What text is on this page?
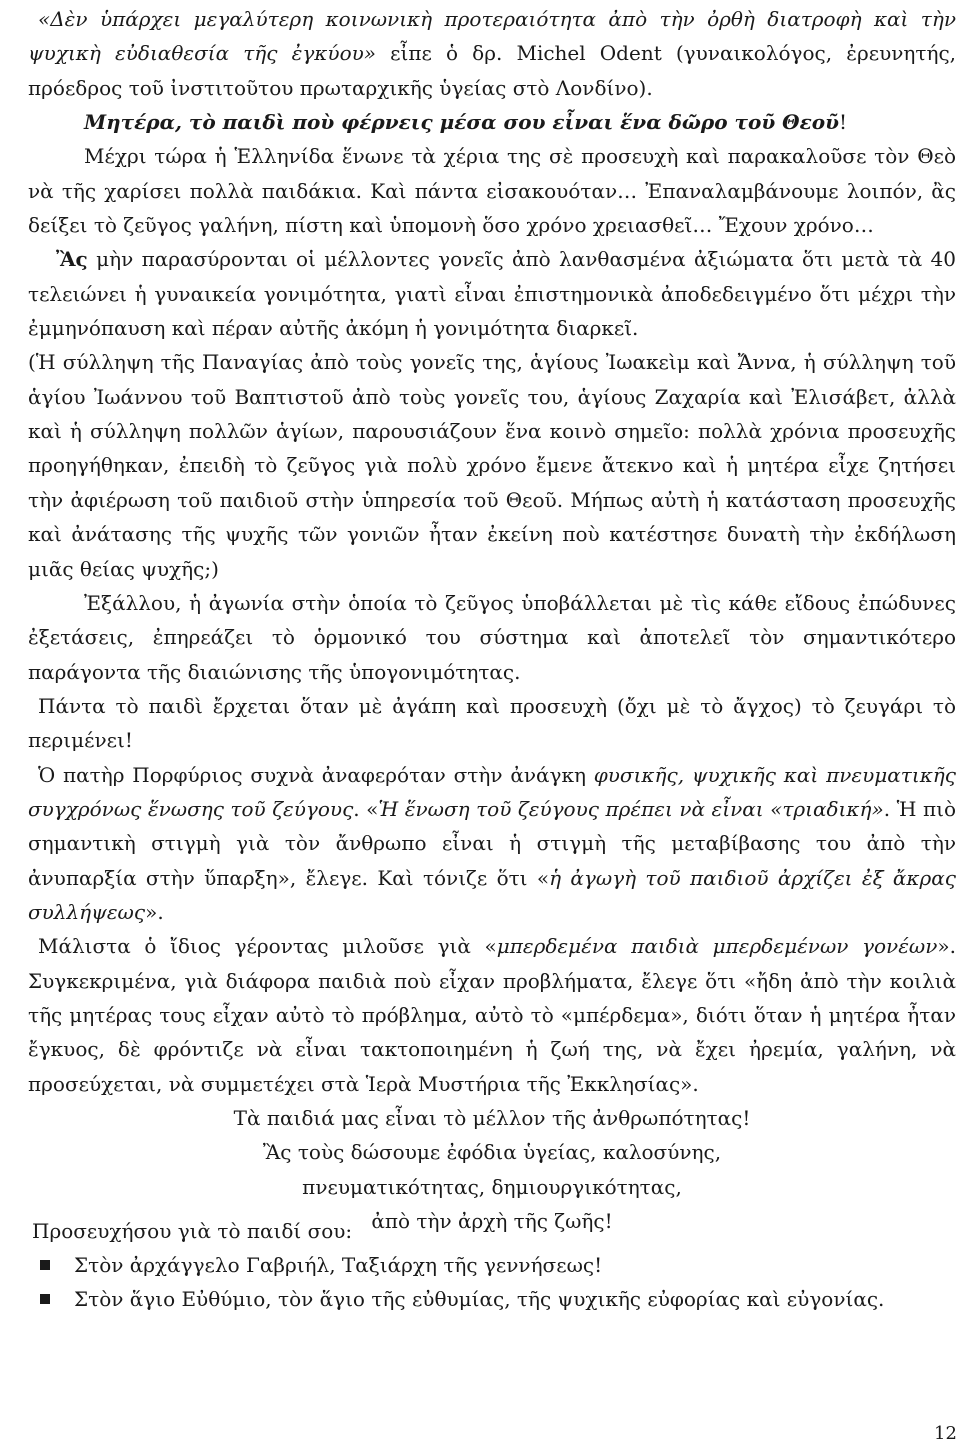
«Δὲν ὑπάρχει μεγαλύτερη κοινωνικὴ προτεραιότητα ἀπὸ τὴν ὀρθὴ διατροφὴ καὶ τὴν ψυχικὴ εὐδιαθεσία τῆς ἐγκύου» εἶπε ὁ δρ. Michel Odent (γυναικολόγος, ἐρευνητής, πρόεδρος τοῦ ἰνστιτοῦτου πρωταρχικῆς ὑγείας στὸ Λονδίνο).

Μητέρα, τὸ παιδὶ ποὺ φέρνεις μέσα σου εἶναι ἕνα δῶρο τοῦ Θεοῦ!

Μέχρι τώρα ἡ Ἑλληνίδα ἕνωνε τὰ χέρια της σὲ προσευχὴ καὶ παρακαλοῦσε τὸν Θεὸ νὰ τῆς χαρίσει πολλὰ παιδάκια. Καὶ πάντα εἰσακουόταν… Ἐπαναλαμβάνουμε λοιπόν, ἂς δείξει τὸ ζεῦγος γαλήνη, πίστη καὶ ὑπομονὴ ὅσο χρόνο χρειασθεῖ… Ἔχουν χρόνο…

Ἂς μὴν παρασύρονται οἱ μέλλοντες γονεῖς ἀπὸ λανθασμένα ἀξιώματα ὅτι μετὰ τὰ 40 τελειώνει ἡ γυναικεία γονιμότητα, γιατὶ εἶναι ἐπιστημονικὰ ἀποδεδειγμένο ὅτι μέχρι τὴν ἐμμηνόπαυση καὶ πέραν αὐτῆς ἀκόμη ἡ γονιμότητα διαρκεῖ.

(Ἡ σύλληψη τῆς Παναγίας ἀπὸ τοὺς γονεῖς της, ἁγίους Ἰωακεὶμ καὶ Ἄννα, ἡ σύλληψη τοῦ ἁγίου Ἰωάννου τοῦ Βαπτιστοῦ ἀπὸ τοὺς γονεῖς του, ἁγίους Ζαχαρία καὶ Ἐλισάβετ, ἀλλὰ καὶ ἡ σύλληψη πολλῶν ἁγίων, παρουσιάζουν ἕνα κοινὸ σημεῖο: πολλὰ χρόνια προσευχῆς προηγήθηκαν, ἐπειδὴ τὸ ζεῦγος γιὰ πολὺ χρόνο ἔμενε ἄτεκνο καὶ ἡ μητέρα εἶχε ζητήσει τὴν ἀφιέρωση τοῦ παιδιοῦ στὴν ὑπηρεσία τοῦ Θεοῦ. Μήπως αὐτὴ ἡ κατάσταση προσευχῆς καὶ ἀνάτασης τῆς ψυχῆς τῶν γονιῶν ἦταν ἐκείνη ποὺ κατέστησε δυνατὴ τὴν ἐκδήλωση μιᾶς θείας ψυχῆς;)

Ἐξάλλου, ἡ ἀγωνία στὴν ὁποία τὸ ζεῦγος ὑποβάλλεται μὲ τὶς κάθε εἴδους ἐπώδυνες ἐξετάσεις, ἐπηρεάζει τὸ ὁρμονικό του σύστημα καὶ ἀποτελεῖ τὸν σημαντικότερο παράγοντα τῆς διαιώνισης τῆς ὑπογονιμότητας.

Πάντα τὸ παιδὶ ἔρχεται ὅταν μὲ ἀγάπη καὶ προσευχὴ (ὄχι μὲ τὸ ἄγχος) τὸ ζευγάρι τὸ περιμένει!

Ὁ πατὴρ Πορφύριος συχνὰ ἀναφερόταν στὴν ἀνάγκη φυσικῆς, ψυχικῆς καὶ πνευματικῆς συγχρόνως ἕνωσης τοῦ ζεύγους. «Ἡ ἕνωση τοῦ ζεύγους πρέπει νὰ εἶναι «τριαδική». Ἡ πιὸ σημαντικὴ στιγμὴ γιὰ τὸν ἄνθρωπο εἶναι ἡ στιγμὴ τῆς μεταβίβασης του ἀπὸ τὴν ἀνυπαρξία στὴν ὕπαρξη», ἔλεγε. Καὶ τόνιζε ὅτι «ἡ ἀγωγὴ τοῦ παιδιοῦ ἀρχίζει ἐξ ἄκρας συλλήψεως».

Μάλιστα ὁ ἴδιος γέροντας μιλοῦσε γιὰ «μπερδεμένα παιδιὰ μπερδεμένων γονέων». Συγκεκριμένα, γιὰ διάφορα παιδιὰ ποὺ εἶχαν προβλήματα, ἔλεγε ὅτι «ἤδη ἀπὸ τὴν κοιλιὰ τῆς μητέρας τους εἶχαν αὐτὸ τὸ πρόβλημα, αὐτὸ τὸ «μπέρδεμα», διότι ὅταν ἡ μητέρα ἦταν ἔγκυος, δὲ φρόντιζε νὰ εἶναι τακτοποιημένη ἡ ζωή της, νὰ ἔχει ἠρεμία, γαλήνη, νὰ προσεύχεται, νὰ συμμετέχει στὰ Ἱερὰ Μυστήρια τῆς Ἐκκλησίας».

Τὰ παιδιά μας εἶναι τὸ μέλλον τῆς ἀνθρωπότητας!

Ἂς τοὺς δώσουμε ἐφόδια ὑγείας, καλοσύνης,

πνευματικότητας, δημιουργικότητας,

ἀπὸ τὴν ἀρχὴ τῆς ζωῆς!

Προσευχήσου γιὰ τὸ παιδί σου:
Στὸν ἀρχάγγελο Γαβριήλ, Ταξιάρχη τῆς γεννήσεως!
Στὸν ἅγιο Εὐθύμιο, τὸν ἅγιο τῆς εὐθυμίας, τῆς ψυχικῆς εὐφορίας καὶ εὐγονίας.
12
